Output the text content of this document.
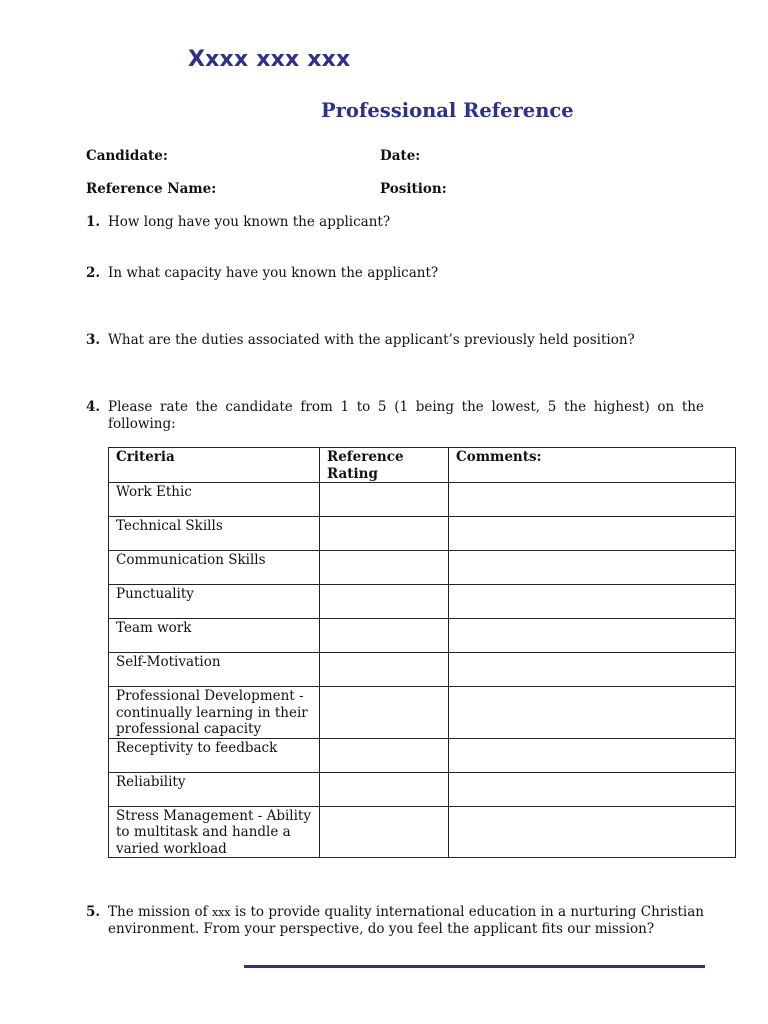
Xxxx xxx xxx
Professional Reference
Candidate:	Date:
Reference Name:	Position:
1. How long have you known the applicant?
2. In what capacity have you known the applicant?
3. What are the duties associated with the applicant’s previously held position?
4. Please rate the candidate from 1 to 5 (1 being the lowest, 5 the highest) on the following:
Criteria	Reference Rating	Comments:
Work Ethic		
Technical Skills		
Communication Skills		
Punctuality		
Team work		
Self-Motivation		
Professional Development - continually learning in their professional capacity		
Receptivity to feedback		
Reliability		
Stress Management - Ability to multitask and handle a varied workload		
5. The mission of xxx is to provide quality international education in a nurturing Christian environment. From your perspective, do you feel the applicant fits our mission?
